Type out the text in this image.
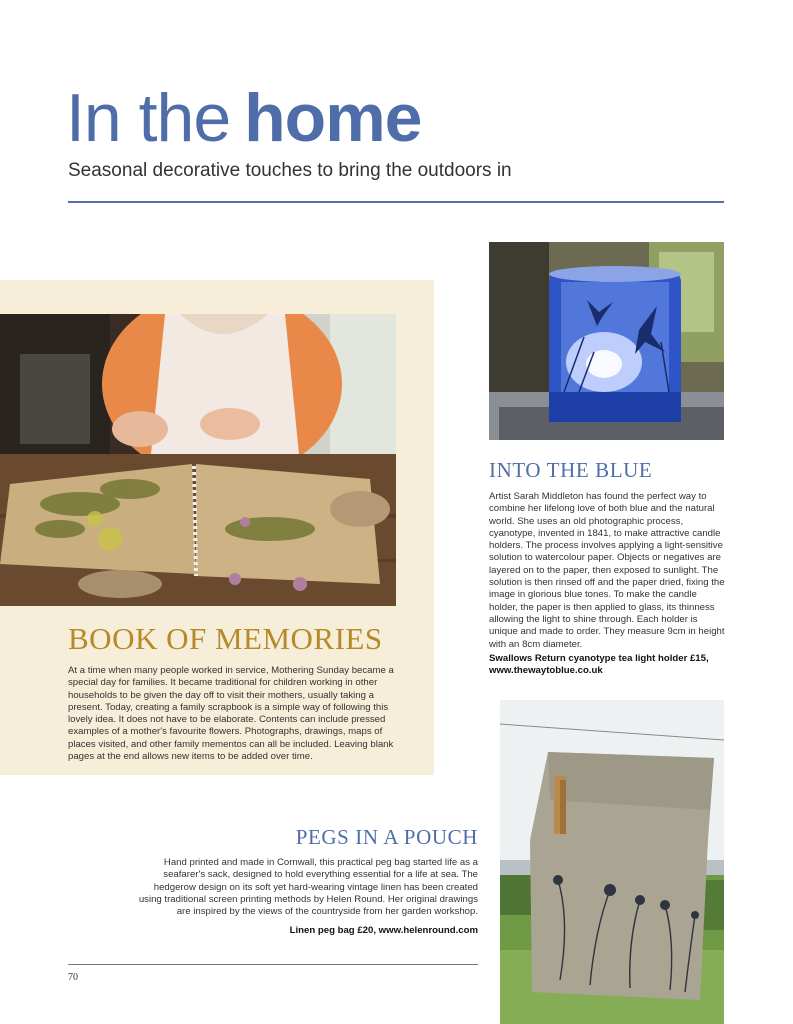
In the home
Seasonal decorative touches to bring the outdoors in
BOOK OF MEMORIES
At a time when many people worked in service, Mothering Sunday became a special day for families. It became traditional for children working in other households to be given the day off to visit their mothers, usually taking a present. Today, creating a family scrapbook is a simple way of following this lovely idea. It does not have to be elaborate. Contents can include pressed examples of a mother's favourite flowers. Photographs, drawings, maps of places visited, and other family mementos can all be included. Leaving blank pages at the end allows new items to be added over time.
INTO THE BLUE
Artist Sarah Middleton has found the perfect way to combine her lifelong love of both blue and the natural world. She uses an old photographic process, cyanotype, invented in 1841, to make attractive candle holders. The process involves applying a light-sensitive solution to watercolour paper. Objects or negatives are layered on to the paper, then exposed to sunlight. The solution is then rinsed off and the paper dried, fixing the image in glorious blue tones. To make the candle holder, the paper is then applied to glass, its thinness allowing the light to shine through. Each holder is unique and made to order. They measure 9cm in height with an 8cm diameter.
Swallows Return cyanotype tea light holder £15,
www.thewaytoblue.co.uk
PEGS IN A POUCH
Hand printed and made in Cornwall, this practical peg bag started life as a seafarer's sack, designed to hold everything essential for a life at sea. The hedgerow design on its soft yet hard-wearing vintage linen has been created using traditional screen printing methods by Helen Round. Her original drawings are inspired by the views of the countryside from her garden workshop.
Linen peg bag £20, www.helenround.com
70
